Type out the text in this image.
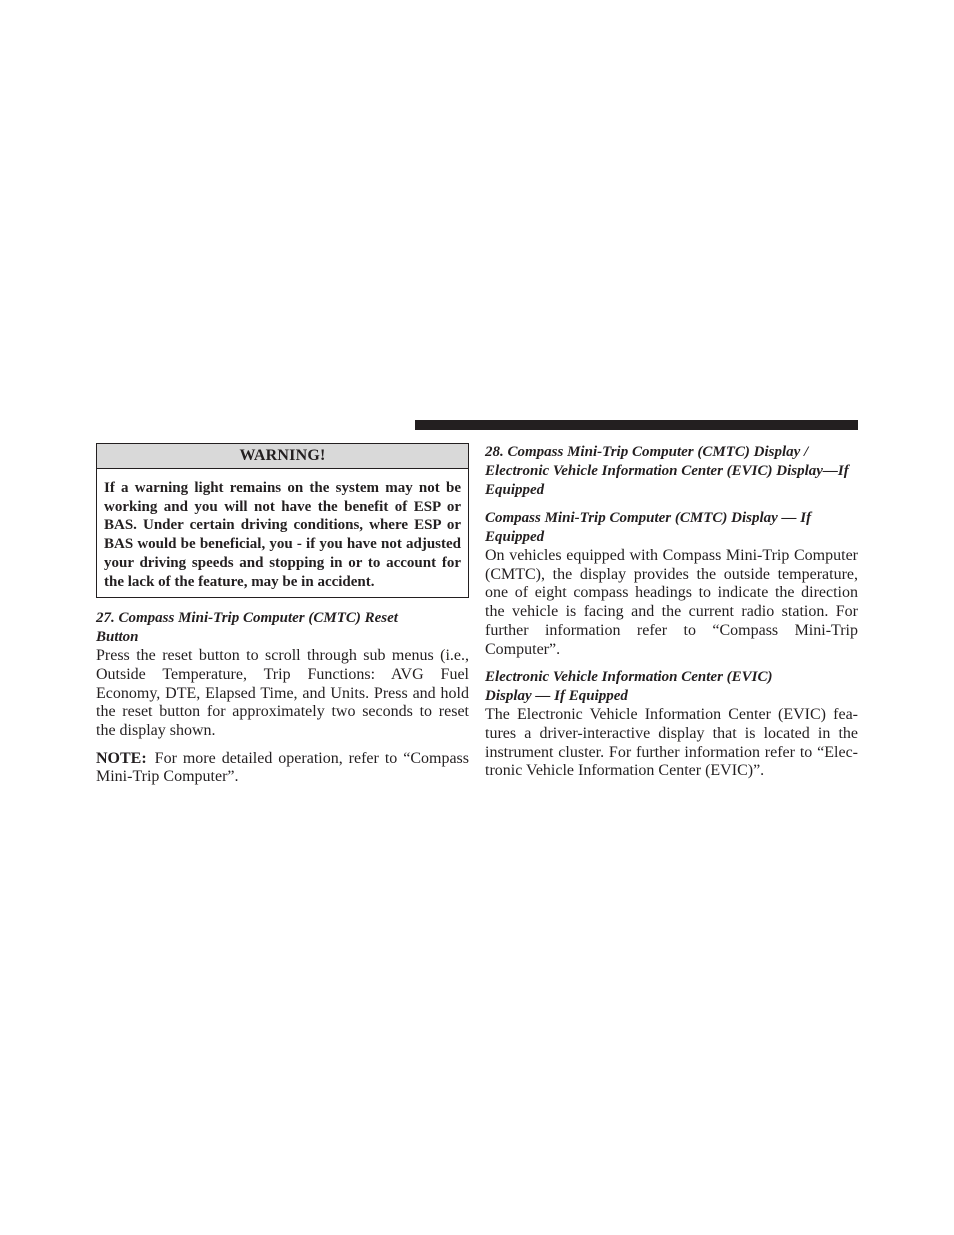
WARNING!
If a warning light remains on the system may not be working and you will not have the benefit of ESP or BAS. Under certain driving conditions, where ESP or BAS would be beneficial, you - if you have not adjusted your driving speeds and stopping in or to account for the lack of the feature, may be in accident.

27. Compass Mini-Trip Computer (CMTC) Reset Button

Press the reset button to scroll through sub menus (i.e., Outside Temperature, Trip Functions: AVG Fuel Economy, DTE, Elapsed Time, and Units. Press and hold the reset button for approximately two seconds to reset the display shown.

NOTE: For more detailed operation, refer to “Compass Mini-Trip Computer”.

28. Compass Mini-Trip Computer (CMTC) Display / Electronic Vehicle Information Center (EVIC) Display—If Equipped

Compass Mini-Trip Computer (CMTC) Display — If Equipped

On vehicles equipped with Compass Mini-Trip Computer (CMTC), the display provides the outside temperature, one of eight compass headings to indicate the direction the vehicle is facing and the current radio station. For further information refer to “Compass Mini-Trip Computer”.

Electronic Vehicle Information Center (EVIC) Display — If Equipped

The Electronic Vehicle Information Center (EVIC) features a driver-interactive display that is located in the instrument cluster. For further information refer to “Electronic Vehicle Information Center (EVIC)”.
